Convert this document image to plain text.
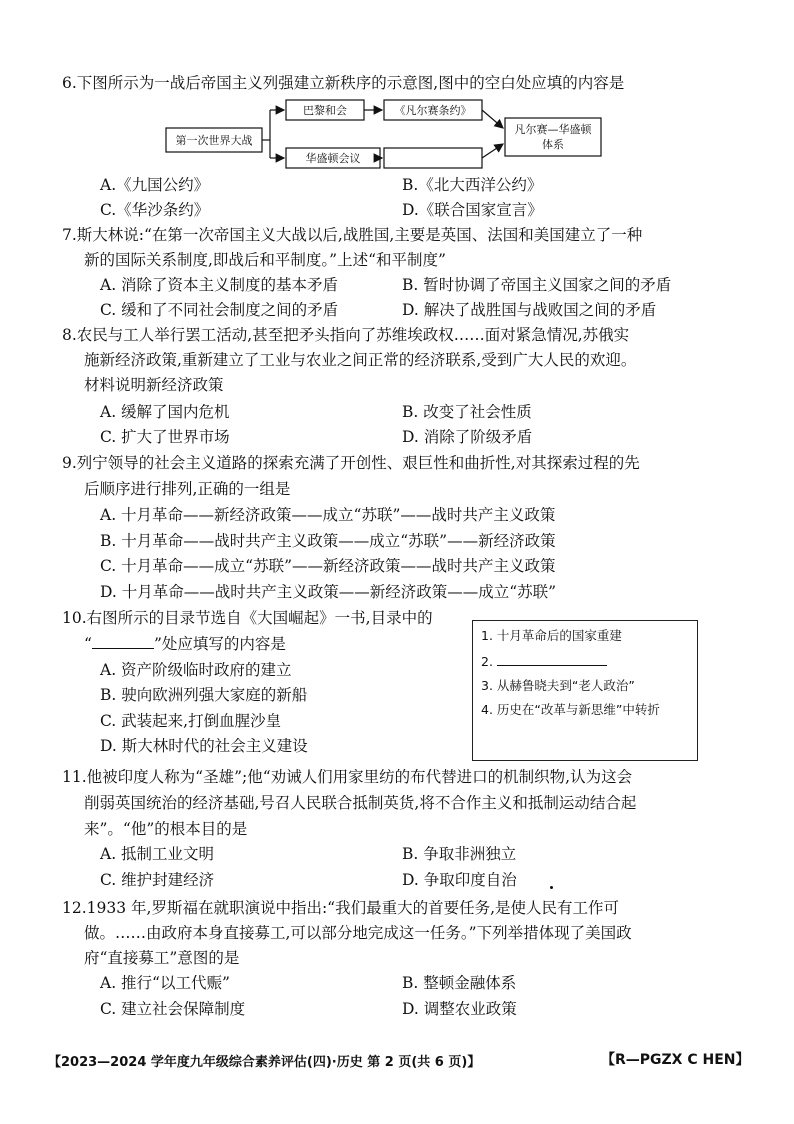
6.下图所示为一战后帝国主义列强建立新秩序的示意图,图中的空白处应填的内容是
第一次世界大战
巴黎和会	《凡尔赛条约》
华盛顿会议
凡尔赛—华盛顿
体系
A.《九国公约》	B.《北大西洋公约》
C.《华沙条约》	D.《联合国家宣言》
7.斯大林说:“在第一次帝国主义大战以后,战胜国,主要是英国、法国和美国建立了一种
新的国际关系制度,即战后和平制度。”上述“和平制度”
A. 消除了资本主义制度的基本矛盾	B. 暂时协调了帝国主义国家之间的矛盾
C. 缓和了不同社会制度之间的矛盾	D. 解决了战胜国与战败国之间的矛盾
8.农民与工人举行罢工活动,甚至把矛头指向了苏维埃政权……面对紧急情况,苏俄实
施新经济政策,重新建立了工业与农业之间正常的经济联系,受到广大人民的欢迎。
材料说明新经济政策
A. 缓解了国内危机	B. 改变了社会性质
C. 扩大了世界市场	D. 消除了阶级矛盾
9.列宁领导的社会主义道路的探索充满了开创性、艰巨性和曲折性,对其探索过程的先
后顺序进行排列,正确的一组是
A. 十月革命——新经济政策——成立“苏联”——战时共产主义政策
B. 十月革命——战时共产主义政策——成立“苏联”——新经济政策
C. 十月革命——成立“苏联”——新经济政策——战时共产主义政策
D. 十月革命——战时共产主义政策——新经济政策——成立“苏联”
10.右图所示的目录节选自《大国崛起》一书,目录中的
“	”处应填写的内容是
A. 资产阶级临时政府的建立
B. 驶向欧洲列强大家庭的新船
C. 武装起来,打倒血腥沙皇
D. 斯大林时代的社会主义建设
1. 十月革命后的国家重建
2.
3. 从赫鲁晓夫到“老人政治”
4. 历史在“改革与新思维”中转折
11.他被印度人称为“圣雄”;他“劝诫人们用家里纺的布代替进口的机制织物,认为这会
削弱英国统治的经济基础,号召人民联合抵制英货,将不合作主义和抵制运动结合起
来”。“他”的根本目的是
A. 抵制工业文明	B. 争取非洲独立
C. 维护封建经济	D. 争取印度自治
12.1933 年,罗斯福在就职演说中指出:“我们最重大的首要任务,是使人民有工作可
做。……由政府本身直接募工,可以部分地完成这一任务。”下列举措体现了美国政
府“直接募工”意图的是
A. 推行“以工代赈”	B. 整顿金融体系
C. 建立社会保障制度	D. 调整农业政策
【2023—2024 学年度九年级综合素养评估(四)·历史 第 2 页(共 6 页)】	【R—PGZX C HEN】
